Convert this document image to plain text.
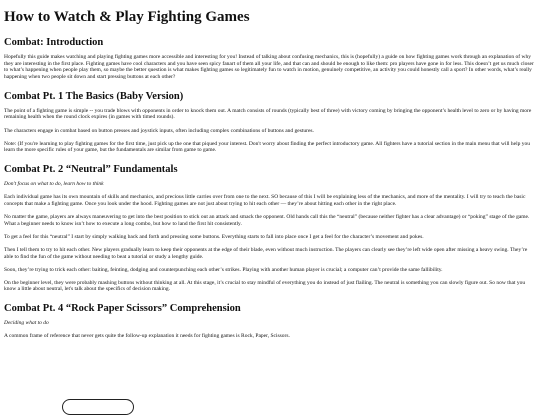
How to Watch & Play Fighting Games
Combat: Introduction

Hopefully this guide makes watching and playing fighting games more accessible and interesting for you! Instead of talking about confusing mechanics, this is (hopefully) a guide on how fighting games work through an explanation of why they are interesting in the first place. Fighting games have cool characters and you have seen spicy fanart of them all your life, and that can and should be enough to like them: pro players have gone in for less. This doesn’t get us much closer to what’s happening when people play them, so maybe the better question is what makes fighting games so legitimately fun to watch in motion, genuinely competitive, an activity you could honestly call a sport? In other words, what’s really happening when two people sit down and start pressing buttons at each other?

Combat Pt. 1 The Basics (Baby Version)

The point of a fighting game is simple -- you trade blows with opponents in order to knock them out. A match consists of rounds (typically best of three) with victory coming by bringing the opponent’s health level to zero or by having more remaining health when the round clock expires (in games with timed rounds).

The characters engage in combat based on button presses and joystick inputs, often including complex combinations of buttons and gestures.

Note: (If you're learning to play fighting games for the first time, just pick up the one that piqued your interest. Don't worry about finding the perfect introductory game. All fighters have a tutorial section in the main menu that will help you learn the more specific rules of your game, but the fundamentals are similar from game to game.

Combat Pt. 2 “Neutral” Fundamentals

Don't focus on what to do, learn how to think

Each individual game has its own mountain of skills and mechanics, and precious little carries over from one to the next. SO because of this I will be explaining less of the mechanics, and more of the mentality. I will try to teach the basic concepts that make a fighting game. Once you look under the hood. Fighting games are not just about trying to hit each other — they’re about hitting each other in the right place.

No matter the game, players are always maneuvering to get into the best position to stick out an attack and smack the opponent. Old hands call this the “neutral” (because neither fighter has a clear advantage) or “poking” stage of the game. What a beginner needs to know isn’t how to execute a long combo, but how to land the first hit consistently.

To get a feel for this “neutral” I start by simply walking back and forth and pressing some buttons. Everything starts to fall into place once I get a feel for the character’s movement and pokes.

Then I tell them to try to hit each other. New players gradually learn to keep their opponents at the edge of their blade, even without much instruction. The players can clearly see they’re left wide open after missing a heavy swing. They’re able to find the fun of the game without needing to beat a tutorial or study a lengthy guide.

Soon, they’re trying to trick each other: baiting, feinting, dodging and counterpunching each other’s strikes. Playing with another human player is crucial; a computer can’t provide the same fallibility.

On the beginner level, they were probably mashing buttons without thinking at all. At this stage, it’s crucial to stay mindful of everything you do instead of just flailing. The neutral is something you can slowly figure out. So now that you know a little about neutral, let's talk about the specifics of decision making.

Combat Pt. 4 “Rock Paper Scissors” Comprehension

Deciding what to do

A common frame of reference that never gets quite the follow-up explanation it needs for fighting games is Rock, Paper, Scissors.
